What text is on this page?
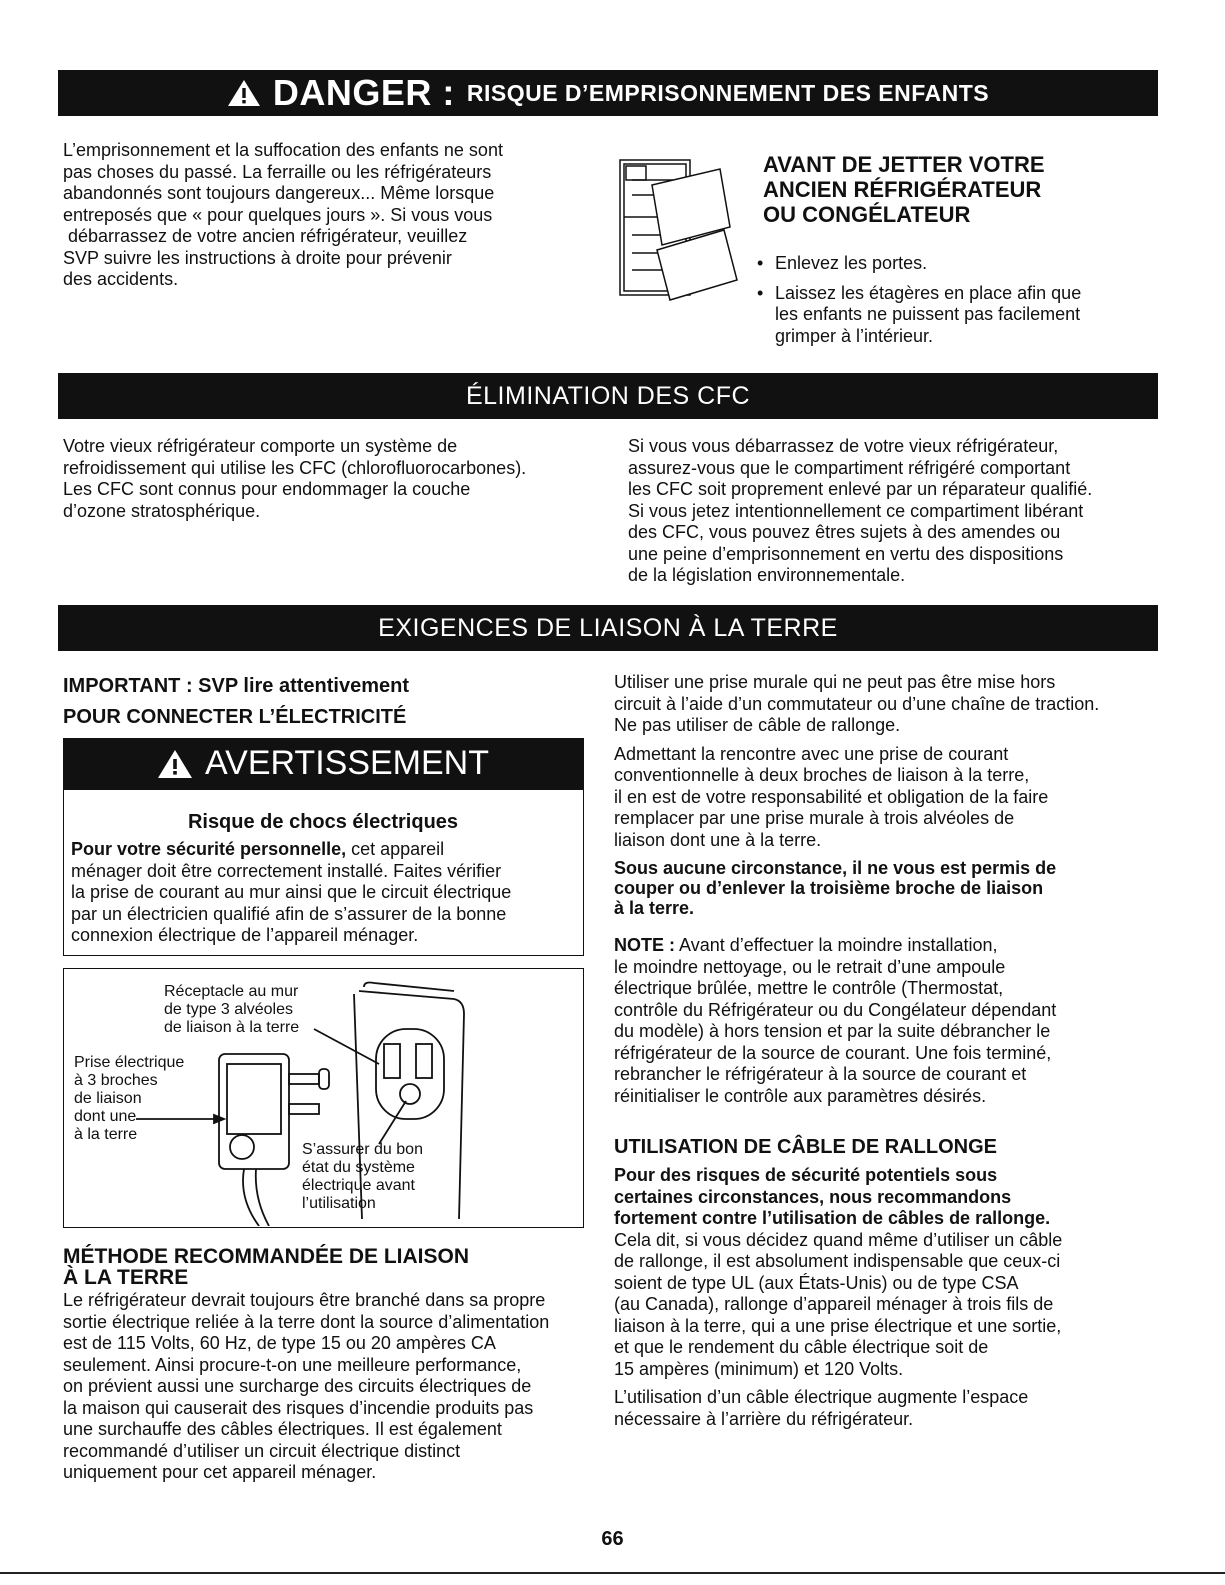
DANGER : RISQUE D’EMPRISONNEMENT DES ENFANTS
L’emprisonnement et la suffocation des enfants ne sont
pas choses du passé. La ferraille ou les réfrigérateurs
abandonnés sont toujours dangereux... Même lorsque
entreposés que « pour quelques jours ». Si vous vous
débarrassez de votre ancien réfrigérateur, veuillez
SVP suivre les instructions à droite pour prévenir
des accidents.
AVANT DE JETTER VOTRE
ANCIEN RÉFRIGÉRATEUR
OU CONGÉLATEUR
• Enlevez les portes.
• Laissez les étagères en place afin que les enfants ne puissent pas facilement grimper à l’intérieur.
ÉLIMINATION DES CFC
Votre vieux réfrigérateur comporte un système de
refroidissement qui utilise les CFC (chlorofluorocarbones).
Les CFC sont connus pour endommager la couche
d’ozone stratosphérique.
Si vous vous débarrassez de votre vieux réfrigérateur,
assurez-vous que le compartiment réfrigéré comportant
les CFC soit proprement enlevé par un réparateur qualifié.
Si vous jetez intentionnellement ce compartiment libérant
des CFC, vous pouvez êtres sujets à des amendes ou
une peine d’emprisonnement en vertu des dispositions
de la législation environnementale.
EXIGENCES DE LIAISON À LA TERRE
IMPORTANT : SVP lire attentivement
POUR CONNECTER L’ÉLECTRICITÉ
AVERTISSEMENT
Risque de chocs électriques
Pour votre sécurité personnelle, cet appareil
ménager doit être correctement installé. Faites vérifier
la prise de courant au mur ainsi que le circuit électrique
par un électricien qualifié afin de s’assurer de la bonne
connexion électrique de l’appareil ménager.
Réceptacle au mur
de type 3 alvéoles
de liaison à la terre
Prise électrique
à 3 broches
de liaison
dont une
à la terre
S’assurer du bon
état du système
électrique avant
l’utilisation
MÉTHODE RECOMMANDÉE DE LIAISON
À LA TERRE
Le réfrigérateur devrait toujours être branché dans sa propre
sortie électrique reliée à la terre dont la source d’alimentation
est de 115 Volts, 60 Hz, de type 15 ou 20 ampères CA
seulement. Ainsi procure-t-on une meilleure performance,
on prévient aussi une surcharge des circuits électriques de
la maison qui causerait des risques d’incendie produits pas
une surchauffe des câbles électriques. Il est également
recommandé d’utiliser un circuit électrique distinct
uniquement pour cet appareil ménager.
Utiliser une prise murale qui ne peut pas être mise hors
circuit à l’aide d’un commutateur ou d’une chaîne de traction.
Ne pas utiliser de câble de rallonge.
Admettant la rencontre avec une prise de courant
conventionnelle à deux broches de liaison à la terre,
il en est de votre responsabilité et obligation de la faire
remplacer par une prise murale à trois alvéoles de
liaison dont une à la terre.
Sous aucune circonstance, il ne vous est permis de
couper ou d’enlever la troisième broche de liaison
à la terre.
NOTE : Avant d’effectuer la moindre installation,
le moindre nettoyage, ou le retrait d’une ampoule
électrique brûlée, mettre le contrôle (Thermostat,
contrôle du Réfrigérateur ou du Congélateur dépendant
du modèle) à hors tension et par la suite débrancher le
réfrigérateur de la source de courant. Une fois terminé,
rebrancher le réfrigérateur à la source de courant et
réinitialiser le contrôle aux paramètres désirés.
UTILISATION DE CÂBLE DE RALLONGE
Pour des risques de sécurité potentiels sous
certaines circonstances, nous recommandons
fortement contre l’utilisation de câbles de rallonge.
Cela dit, si vous décidez quand même d’utiliser un câble
de rallonge, il est absolument indispensable que ceux-ci
soient de type UL (aux États-Unis) ou de type CSA
(au Canada), rallonge d’appareil ménager à trois fils de
liaison à la terre, qui a une prise électrique et une sortie,
et que le rendement du câble électrique soit de
15 ampères (minimum) et 120 Volts.
L’utilisation d’un câble électrique augmente l’espace
nécessaire à l’arrière du réfrigérateur.
66
